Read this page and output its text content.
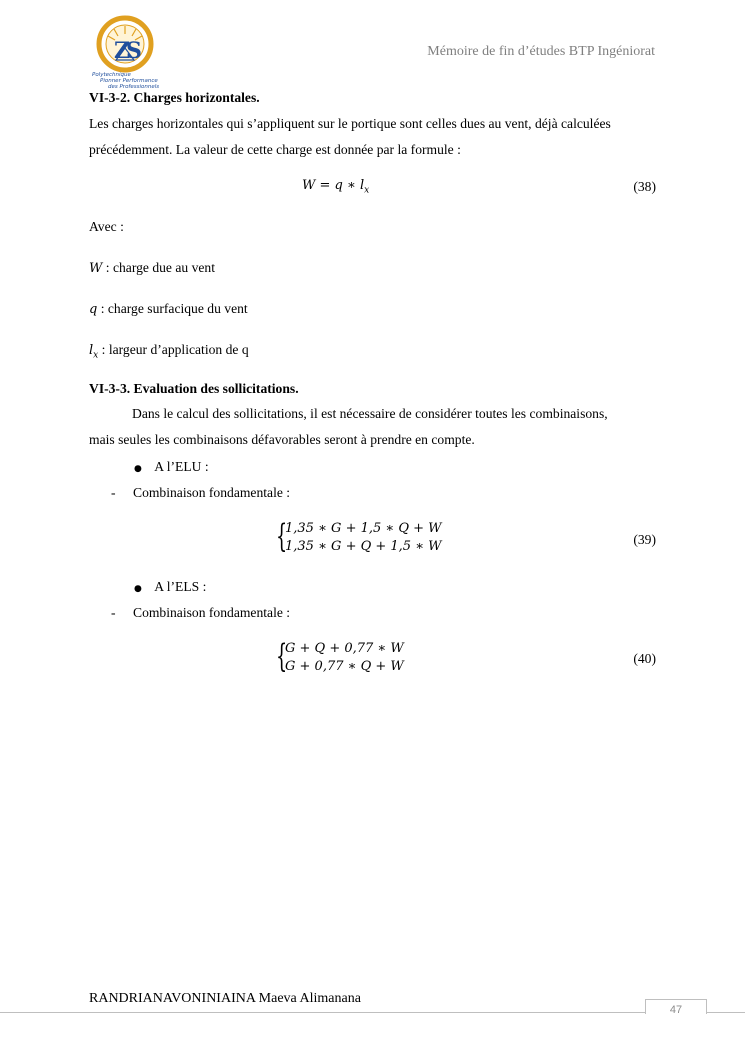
Z
S
Polytechnique
Pionner Performance
des Professionnels
Mémoire de fin d’études BTP Ingéniorat
VI-3-2. Charges horizontales.
Les charges horizontales qui s’appliquent sur le portique sont celles dues au vent, déjà calculées
précédemment. La valeur de cette charge est donnée par la formule :
W = q ∗ $l_x$	(38)
Avec :
W : charge due au vent
q : charge surfacique du vent
$l_x$ : largeur d’application de q
VI-3-3. Evaluation des sollicitations.
Dans le calcul des sollicitations, il est nécessaire de considérer toutes les combinaisons,
mais seules les combinaisons défavorables seront à prendre en compte.
● A l’ELU :
- Combinaison fondamentale :
{
1,35 ∗ G + 1,5 ∗ Q + W
1,35 ∗ G + Q + 1,5 ∗ W	(39)
● A l’ELS :
- Combinaison fondamentale :
{
G + Q + 0,77 ∗ W
G + 0,77 ∗ Q + W
(40)
RANDRIANAVONINIAINA Maeva Alimanana
47
